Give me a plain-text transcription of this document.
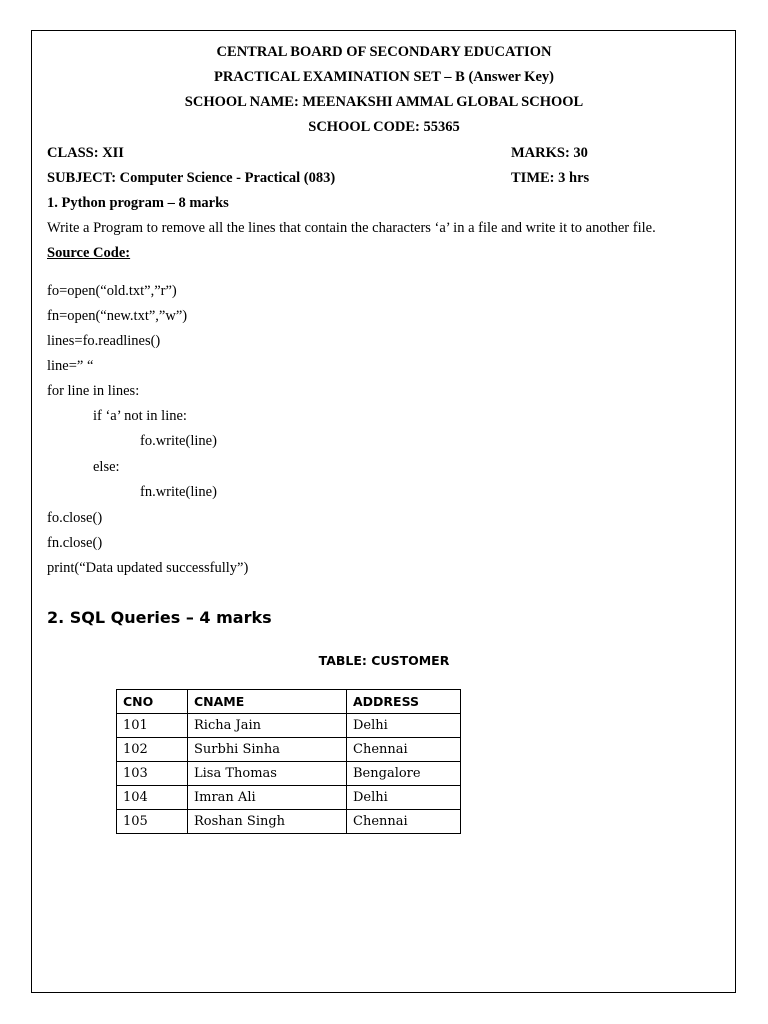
CENTRAL BOARD OF SECONDARY EDUCATION
PRACTICAL EXAMINATION SET – B (Answer Key)
SCHOOL NAME: MEENAKSHI AMMAL GLOBAL SCHOOL
SCHOOL CODE: 55365
CLASS: XII	MARKS: 30
SUBJECT: Computer Science - Practical (083)	TIME: 3 hrs
1. Python program – 8 marks
Write a Program to remove all the lines that contain the characters ‘a’ in a file and write it to another file.
Source Code:
fo=open(“old.txt”,”r”)
fn=open(“new.txt”,”w”)
lines=fo.readlines()
line=” “
for line in lines:
if ‘a’ not in line:
fo.write(line)
else:
fn.write(line)
fo.close()
fn.close()
print(“Data updated successfully”)
2. SQL Queries – 4 marks
TABLE: CUSTOMER
CNO	CNAME	ADDRESS
101	Richa Jain	Delhi
102	Surbhi Sinha	Chennai
103	Lisa Thomas	Bengalore
104	Imran Ali	Delhi
105	Roshan Singh	Chennai
